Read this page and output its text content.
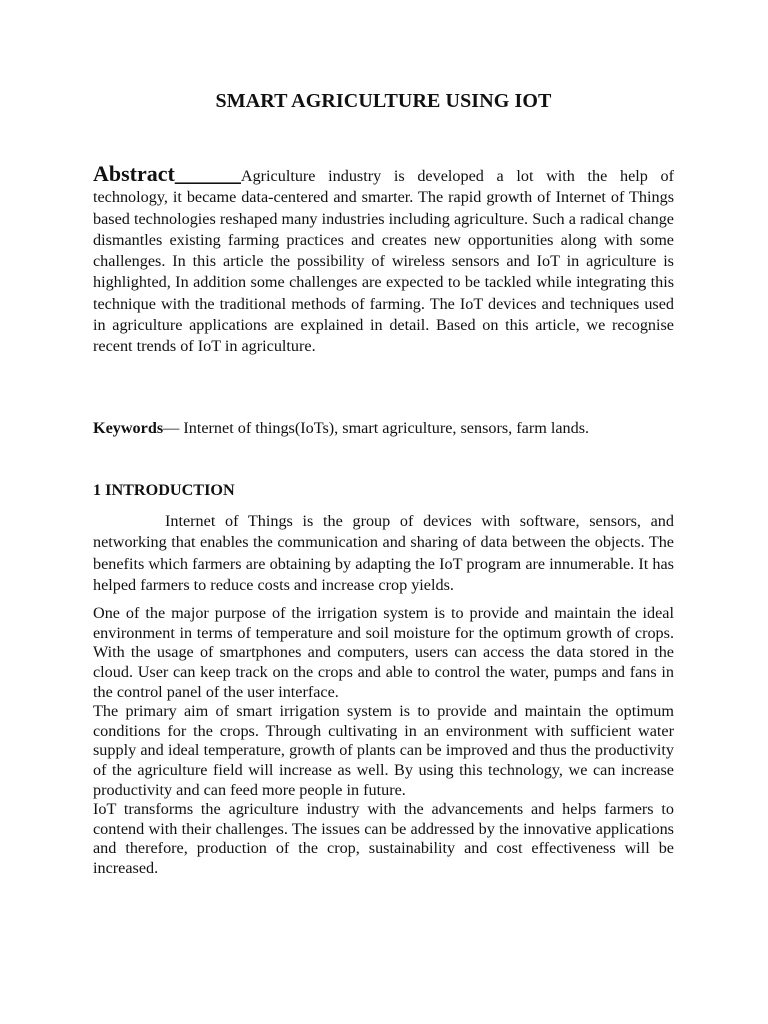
SMART AGRICULTURE USING IOT

Abstract______Agriculture industry is developed a lot with the help of technology, it became data-centered and smarter. The rapid growth of Internet of Things based technologies reshaped many industries including agriculture. Such a radical change dismantles existing farming practices and creates new opportunities along with some challenges. In this article the possibility of wireless sensors and IoT in agriculture is highlighted, In addition some challenges are expected to be tackled while integrating this technique with the traditional methods of farming. The IoT devices and techniques used in agriculture applications are explained in detail. Based on this article, we recognise recent trends of IoT in agriculture.

Keywords— Internet of things(IoTs), smart agriculture, sensors, farm lands.

1 INTRODUCTION

Internet of Things is the group of devices with software, sensors, and networking that enables the communication and sharing of data between the objects. The benefits which farmers are obtaining by adapting the IoT program are innumerable. It has helped farmers to reduce costs and increase crop yields.

One of the major purpose of the irrigation system is to provide and maintain the ideal environment in terms of temperature and soil moisture for the optimum growth of crops. With the usage of smartphones and computers, users can access the data stored in the cloud. User can keep track on the crops and able to control the water, pumps and fans in the control panel of the user interface.

The primary aim of smart irrigation system is to provide and maintain the optimum conditions for the crops. Through cultivating in an environment with sufficient water supply and ideal temperature, growth of plants can be improved and thus the productivity of the agriculture field will increase as well. By using this technology, we can increase productivity and can feed more people in future.

IoT transforms the agriculture industry with the advancements and helps farmers to contend with their challenges. The issues can be addressed by the innovative applications and therefore, production of the crop, sustainability and cost effectiveness will be increased.
